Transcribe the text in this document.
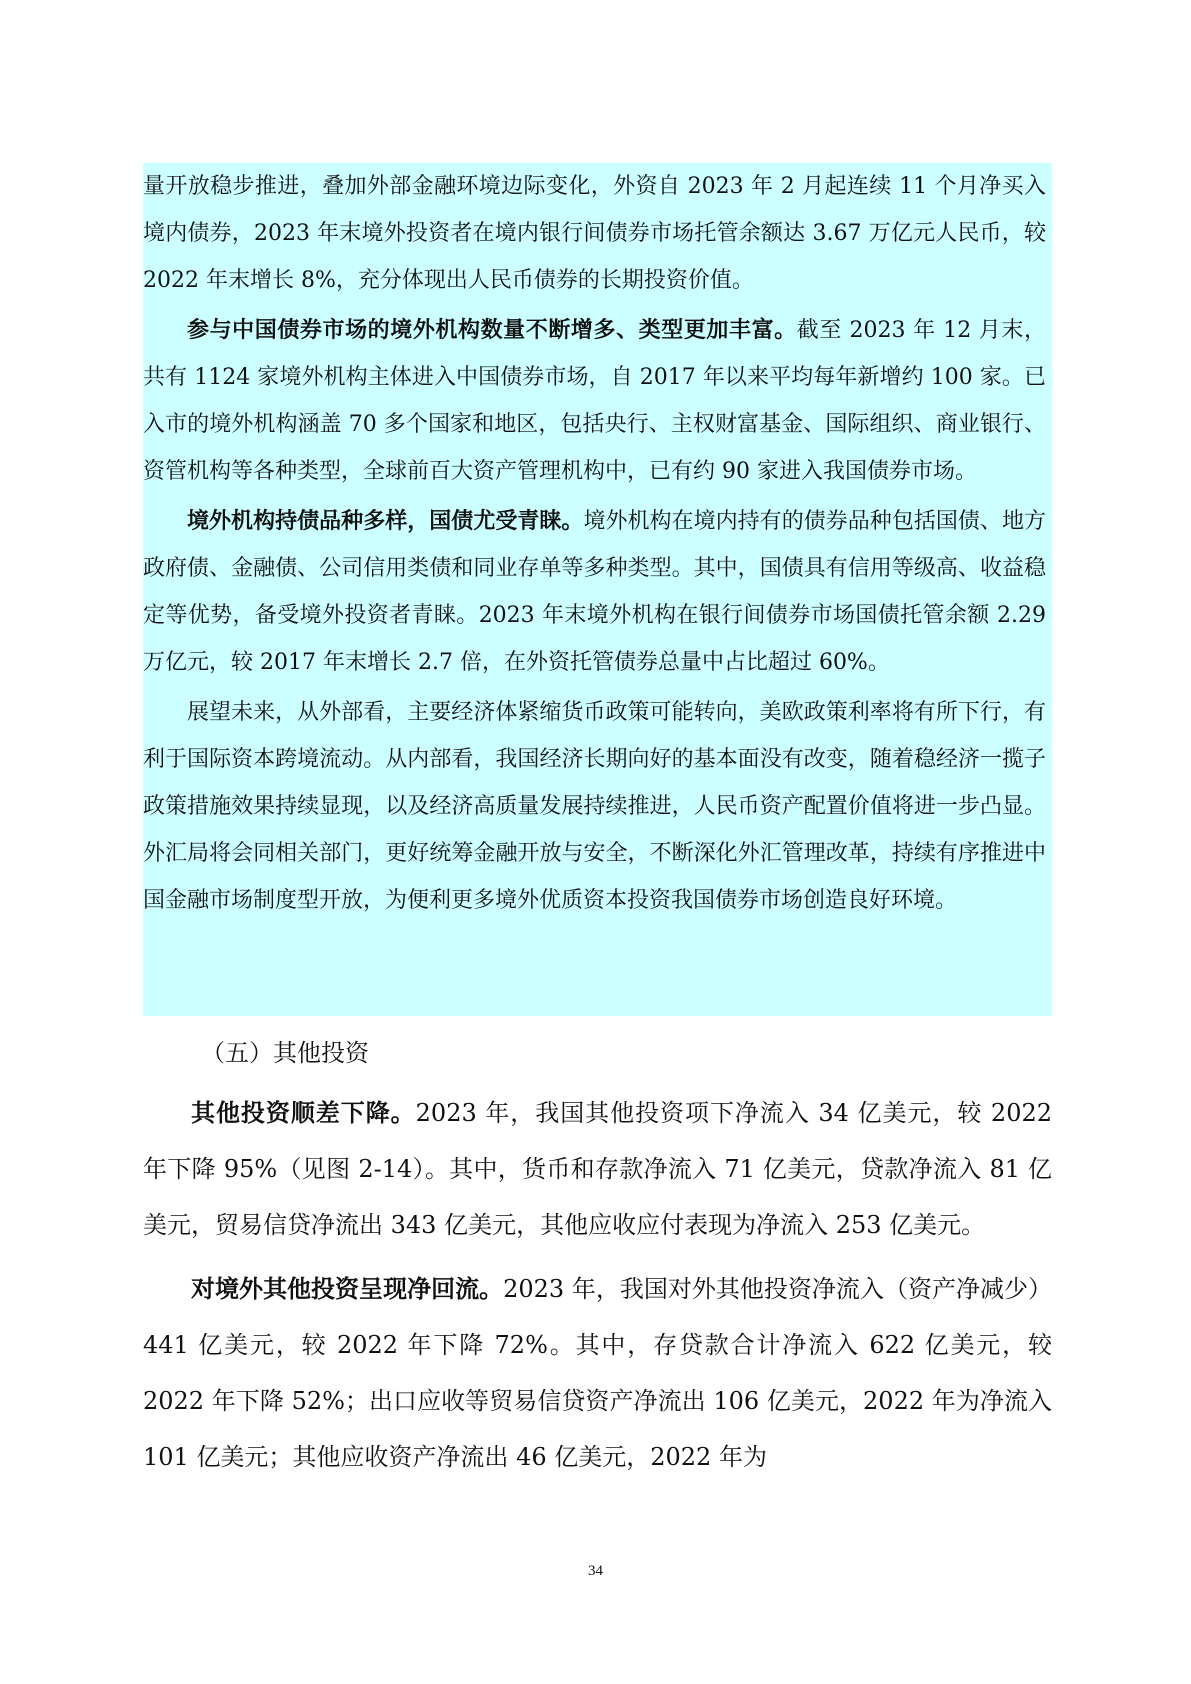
量开放稳步推进，叠加外部金融环境边际变化，外资自 2023 年 2 月起连续 11 个月净买入境内债券，2023 年末境外投资者在境内银行间债券市场托管余额达 3.67 万亿元人民币，较 2022 年末增长 8%，充分体现出人民币债券的长期投资价值。

参与中国债券市场的境外机构数量不断增多、类型更加丰富。截至 2023 年 12 月末，共有 1124 家境外机构主体进入中国债券市场，自 2017 年以来平均每年新增约 100 家。已入市的境外机构涵盖 70 多个国家和地区，包括央行、主权财富基金、国际组织、商业银行、资管机构等各种类型，全球前百大资产管理机构中，已有约 90 家进入我国债券市场。

境外机构持债品种多样，国债尤受青睐。境外机构在境内持有的债券品种包括国债、地方政府债、金融债、公司信用类债和同业存单等多种类型。其中，国债具有信用等级高、收益稳定等优势，备受境外投资者青睐。2023 年末境外机构在银行间债券市场国债托管余额 2.29 万亿元，较 2017 年末增长 2.7 倍，在外资托管债券总量中占比超过 60%。

展望未来，从外部看，主要经济体紧缩货币政策可能转向，美欧政策利率将有所下行，有利于国际资本跨境流动。从内部看，我国经济长期向好的基本面没有改变，随着稳经济一揽子政策措施效果持续显现，以及经济高质量发展持续推进，人民币资产配置价值将进一步凸显。外汇局将会同相关部门，更好统筹金融开放与安全，不断深化外汇管理改革，持续有序推进中国金融市场制度型开放，为便利更多境外优质资本投资我国债券市场创造良好环境。

（五）其他投资

其他投资顺差下降。2023 年，我国其他投资项下净流入 34 亿美元，较 2022 年下降 95%（见图 2-14）。其中，货币和存款净流入 71 亿美元，贷款净流入 81 亿美元，贸易信贷净流出 343 亿美元，其他应收应付表现为净流入 253 亿美元。

对境外其他投资呈现净回流。2023 年，我国对外其他投资净流入（资产净减少）441 亿美元，较 2022 年下降 72%。其中，存贷款合计净流入 622 亿美元，较 2022 年下降 52%；出口应收等贸易信贷资产净流出 106 亿美元，2022 年为净流入 101 亿美元；其他应收资产净流出 46 亿美元，2022 年为

34
